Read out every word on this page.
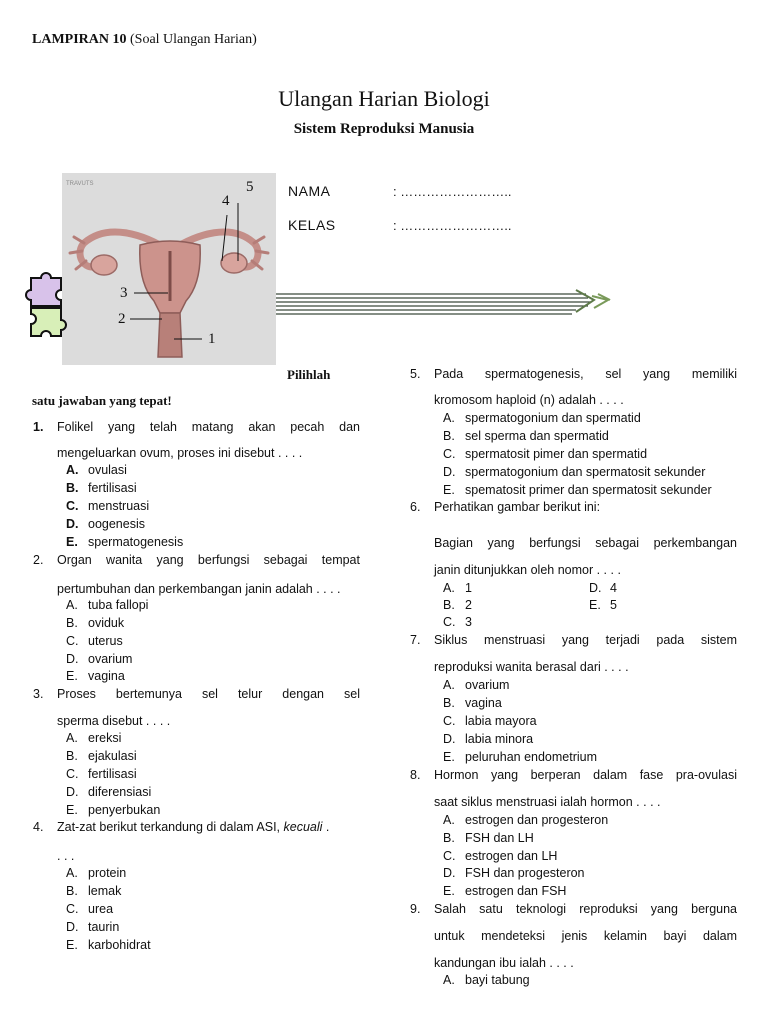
LAMPIRAN 10 (Soal Ulangan Harian)
Ulangan Harian Biologi
Sistem Reproduksi Manusia
NAMA	: ……………………..
KELAS	: ……………………..
TRAVUTS	5
4
3
2
1
Pilihlah
satu jawaban yang tepat!
1. Folikel yang telah matang akan pecah dan
mengeluarkan ovum, proses ini disebut . . . .
A. ovulasi
B. fertilisasi
C. menstruasi
D. oogenesis
E. spermatogenesis
2. Organ wanita yang berfungsi sebagai tempat
pertumbuhan dan perkembangan janin adalah . . . .
A. tuba fallopi
B. oviduk
C. uterus
D. ovarium
E. vagina
3. Proses bertemunya sel telur dengan sel
sperma disebut . . . .
A. ereksi
B. ejakulasi
C. fertilisasi
D. diferensiasi
E. penyerbukan
4. Zat-zat berikut terkandung di dalam ASI, kecuali .
. . .
A. protein
B. lemak
C. urea
D. taurin
E. karbohidrat
5. Pada spermatogenesis, sel yang memiliki
kromosom haploid (n) adalah . . . .
A. spermatogonium dan spermatid
B. sel sperma dan spermatid
C. spermatosit pimer dan spermatid
D. spermatogonium dan spermatosit sekunder
E. spematosit primer dan spermatosit sekunder
6. Perhatikan gambar berikut ini:
Bagian yang berfungsi sebagai perkembangan
janin ditunjukkan oleh nomor . . . .
A. 1
B. 2
C. 3
D. 4
E. 5
7. Siklus menstruasi yang terjadi pada sistem
reproduksi wanita berasal dari . . . .
A. ovarium
B. vagina
C. labia mayora
D. labia minora
E. peluruhan endometrium
8. Hormon yang berperan dalam fase pra-ovulasi
saat siklus menstruasi ialah hormon . . . .
A. estrogen dan progesteron
B. FSH dan LH
C. estrogen dan LH
D. FSH dan progesteron
E. estrogen dan FSH
9. Salah satu teknologi reproduksi yang berguna
untuk mendeteksi jenis kelamin bayi dalam
kandungan ibu ialah . . . .
A. bayi tabung
